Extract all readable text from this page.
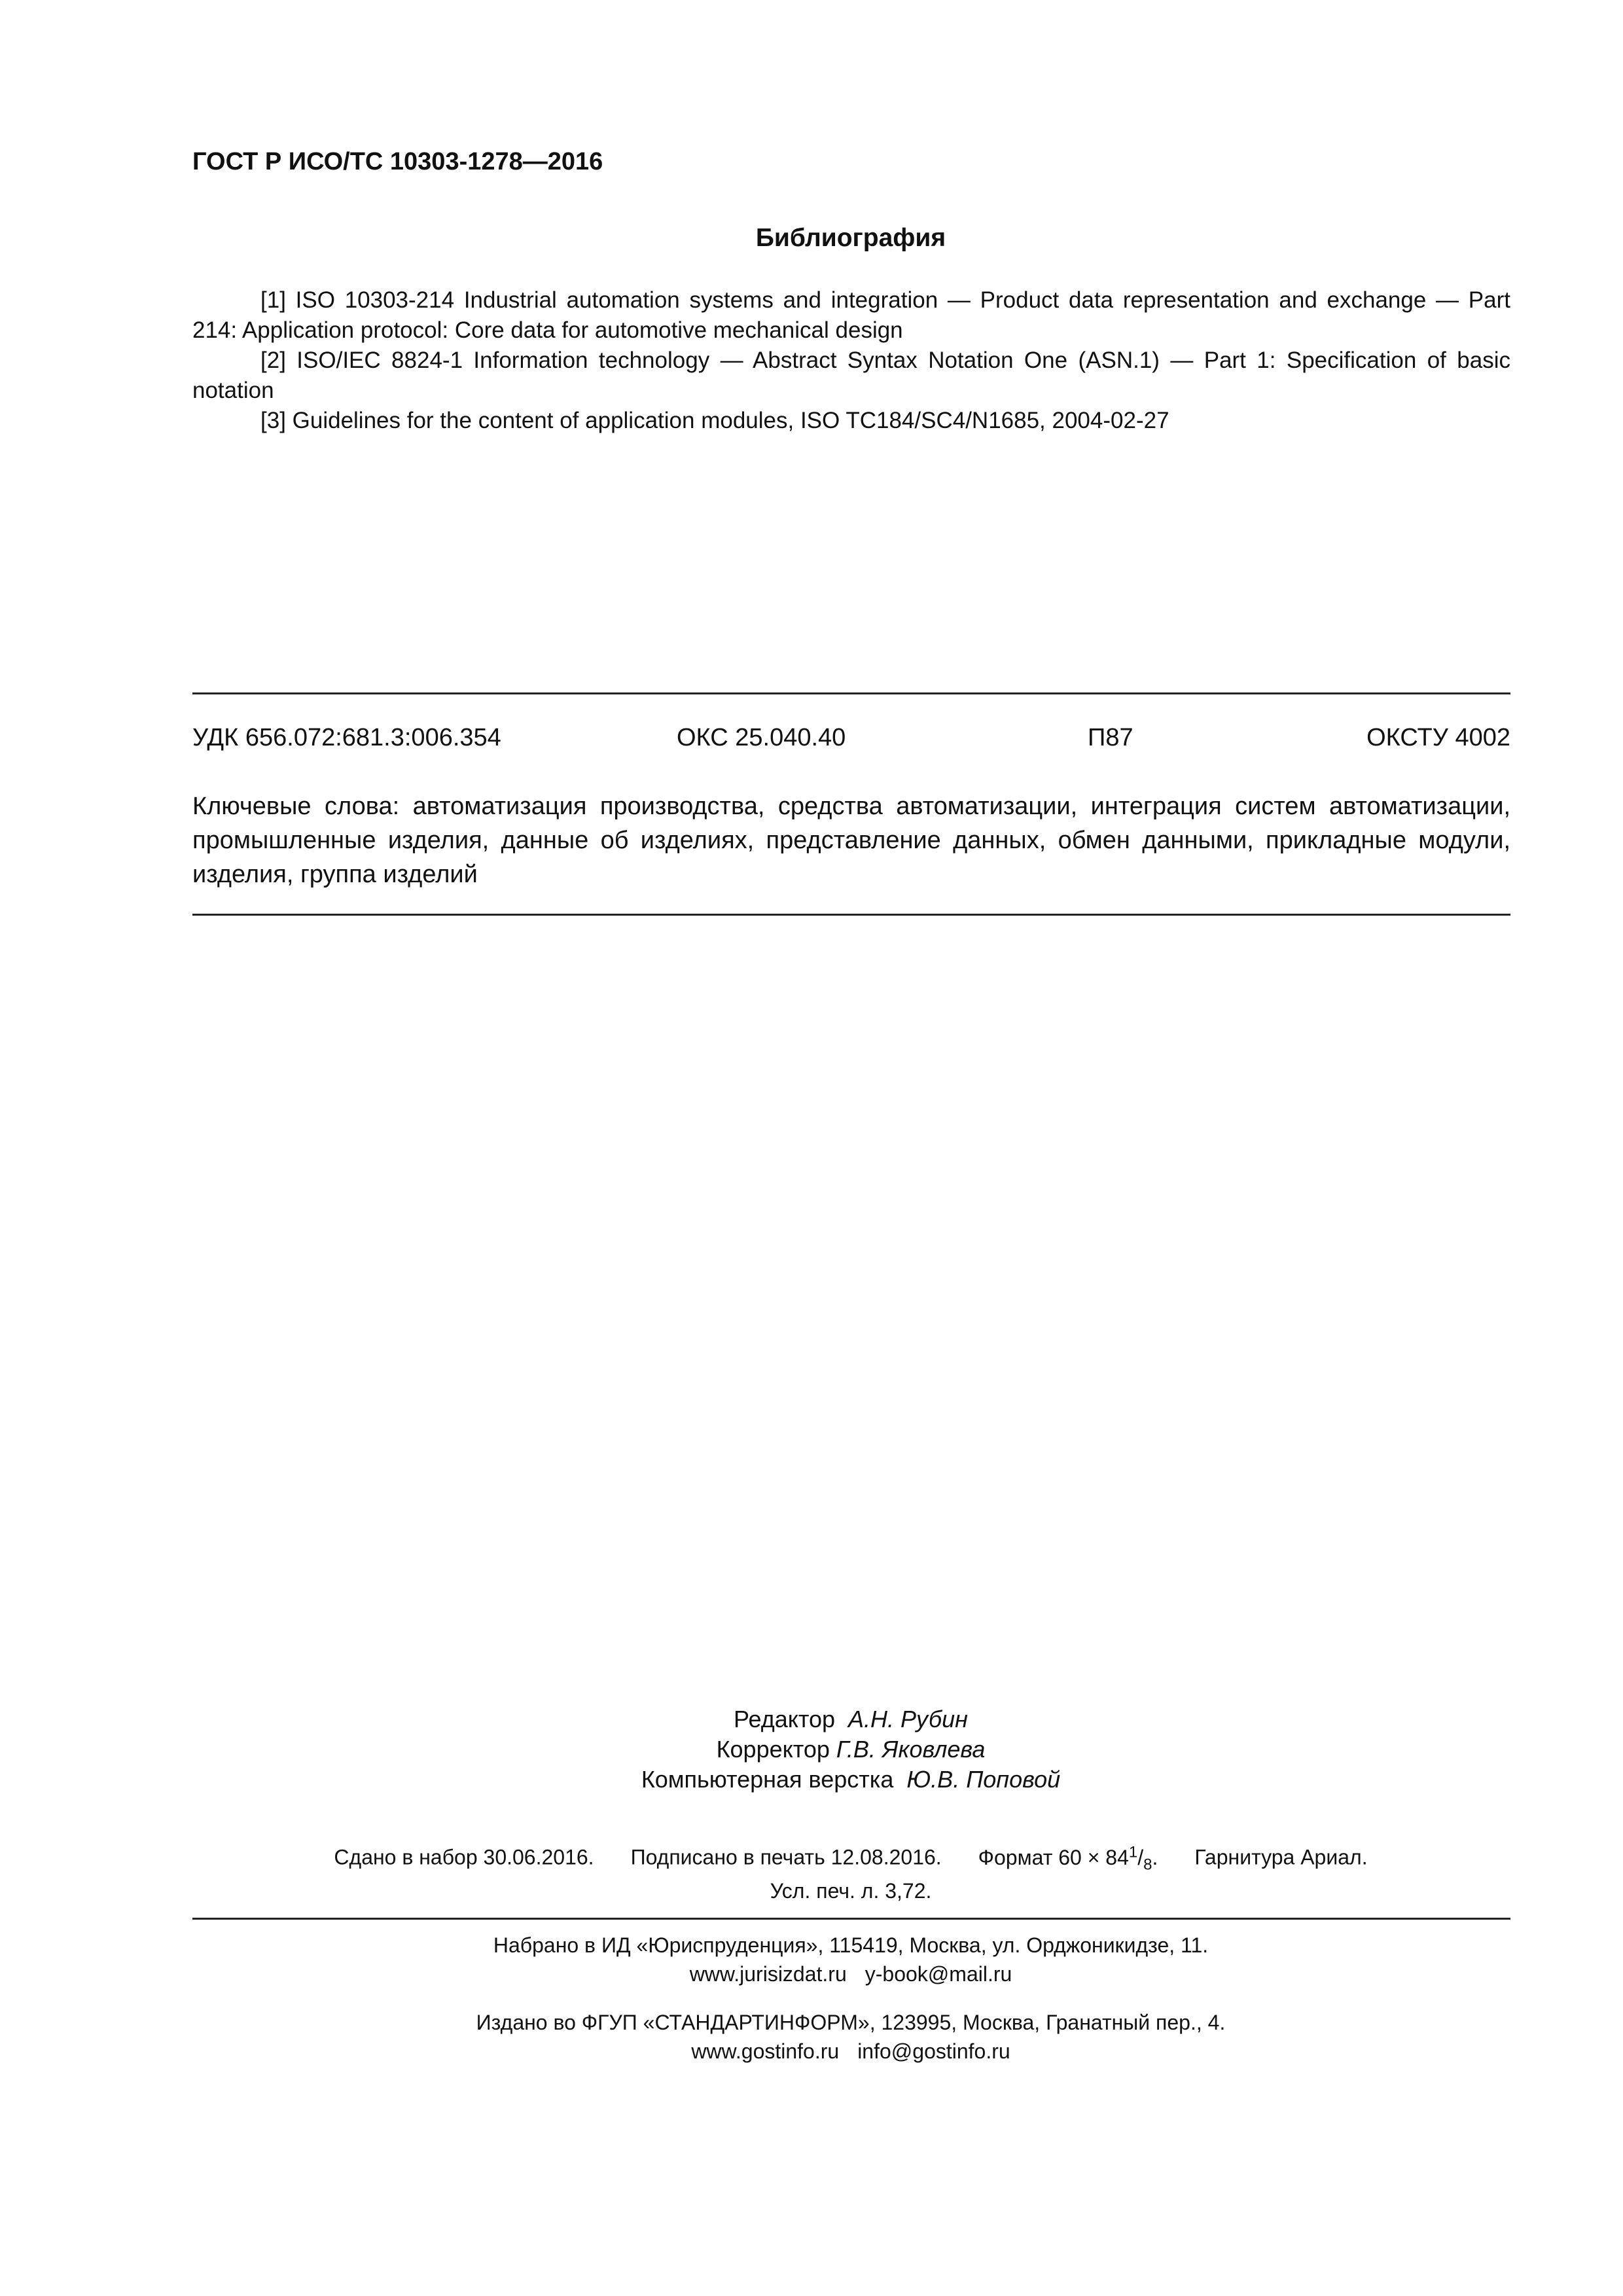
ГОСТ Р ИСО/ТС 10303-1278—2016
Библиография
[1] ISO 10303-214 Industrial automation systems and integration — Product data representation and exchange — Part 214: Application protocol: Core data for automotive mechanical design
[2] ISO/IEC 8824-1 Information technology — Abstract Syntax Notation One (ASN.1) — Part 1: Specification of basic notation
[3] Guidelines for the content of application modules, ISO TC184/SC4/N1685, 2004-02-27
УДК 656.072:681.3:006.354	ОКС 25.040.40	П87	ОКСТУ 4002
Ключевые слова: автоматизация производства, средства автоматизации, интеграция систем автоматизации, промышленные изделия, данные об изделиях, представление данных, обмен данными, прикладные модули, изделия, группа изделий
Редактор А.Н. Рубин
Корректор Г.В. Яковлева
Компьютерная верстка Ю.В. Поповой
Сдано в набор 30.06.2016. Подписано в печать 12.08.2016. Формат $60 \times 84^1/_8$. Гарнитура Ариал.
Усл. печ. л. 3,72.
Набрано в ИД «Юриспруденция», 115419, Москва, ул. Орджоникидзе, 11.
www.jurisizdat.ru y-book@mail.ru
Издано во ФГУП «СТАНДАРТИНФОРМ», 123995, Москва, Гранатный пер., 4.
www.gostinfo.ru info@gostinfo.ru
